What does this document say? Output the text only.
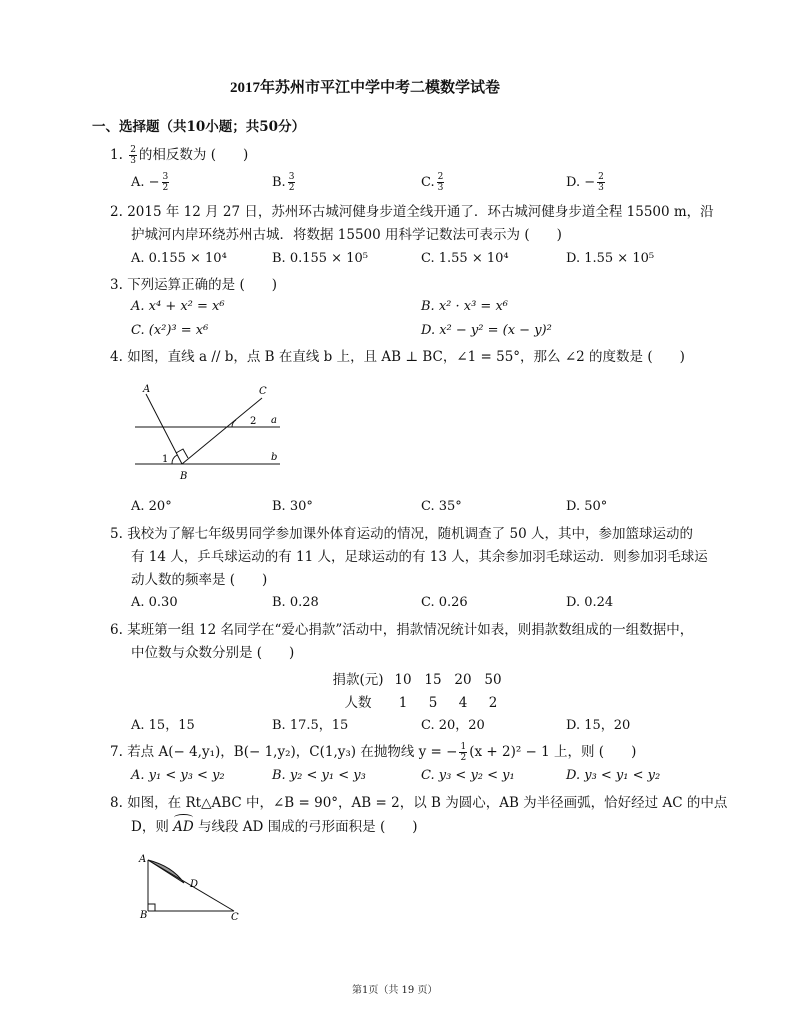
2017年苏州市平江中学中考二模数学试卷
一、选择题（共10小题；共50分）
1. $\frac{2}{3}$ 的相反数为 (　　)
A. − $\frac{3}{2}$	B. $\frac{3}{2}$	C. $\frac{2}{3}$	D. − $\frac{2}{3}$
2. 2015 年 12 月 27 日，苏州环古城河健身步道全线开通了．环古城河健身步道全程 15500 m，沿
护城河内岸环绕苏州古城．将数据 15500 用科学记数法可表示为 (　　)
A. 0.155 × 10⁴	B. 0.155 × 10⁵	C. 1.55 × 10⁴	D. 1.55 × 10⁵
3. 下列运算正确的是 (　　)
A. x⁴ + x² = x⁶	B. x² · x³ = x⁶
C. (x²)³ = x⁶	D. x² − y² = (x − y)²
4. 如图，直线 a // b，点 B 在直线 b 上，且 AB ⊥ BC，∠1 = 55°，那么 ∠2 的度数是 (　　)
A	C
B
a
b
1
2
A. 20°	B. 30°	C. 35°	D. 50°
5. 我校为了解七年级男同学参加课外体育运动的情况，随机调查了 50 人，其中，参加篮球运动的
有 14 人，乒乓球运动的有 11 人，足球运动的有 13 人，其余参加羽毛球运动．则参加羽毛球运
动人数的频率是 (　　)
A. 0.30	B. 0.28	C. 0.26	D. 0.24
6. 某班第一组 12 名同学在“爱心捐款”活动中，捐款情况统计如表，则捐款数组成的一组数据中，
中位数与众数分别是 (　　)
捐款(元) 10 15 20 50
人数 1 5 4 2
A. 15，15	B. 17.5，15	C. 20，20	D. 15，20
7. 若点 A(− 4,y₁)，B(− 1,y₂)，C(1,y₃) 在抛物线 y = − $\frac{1}{2} (x + 2)^2 - 1$ 上，则 (　　)
A. y₁ < y₃ < y₂	B. y₂ < y₁ < y₃	C. y₃ < y₂ < y₁	D. y₃ < y₁ < y₂
8. 如图，在 Rt△ABC 中，∠B = 90°，AB = 2，以 B 为圆心，AB 为半径画弧，恰好经过 AC 的中点
D，则
AD 与线段 AD 围成的弓形面积是 (　　)
A
B	C
D
第1页（共 19 页）
